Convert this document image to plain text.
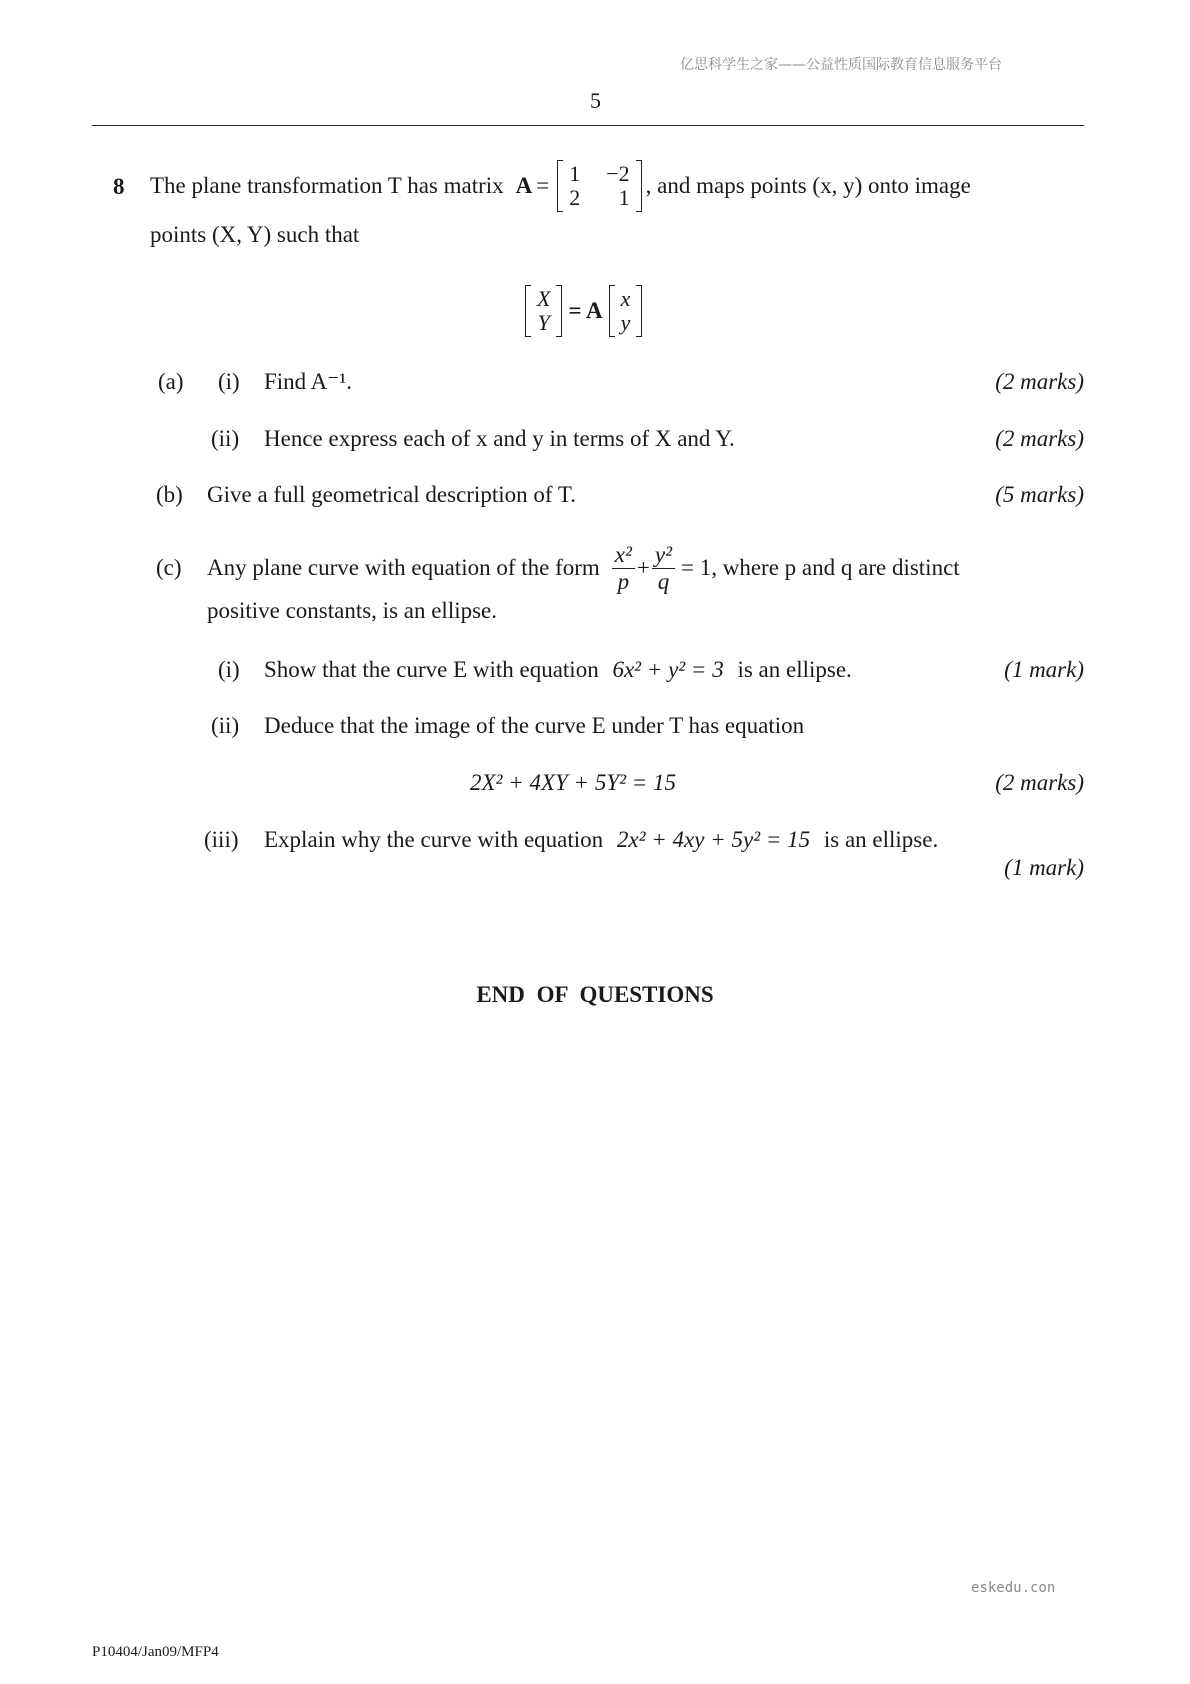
亿思科学生之家——公益性质国际教育信息服务平台
5
8 The plane transformation T has matrix A = 1	−2
2	1 , and maps points (x, y) onto image
points (X, Y) such that
X
Y = A x
y
(a) (i) Find A⁻¹.	(2 marks)
(ii) Hence express each of x and y in terms of X and Y.	(2 marks)
(b) Give a full geometrical description of T.	(5 marks)
(c) Any plane curve with equation of the form $\frac{\text{x²}}{p} + \frac{\text{y²}}{q} = 1$ , where p and q are distinct
positive constants, is an ellipse.
(i) Show that the curve E with equation 6x² + y² = 3 is an ellipse.	(1 mark)
(ii) Deduce that the image of the curve E under T has equation
2X² + 4XY + 5Y² = 15	(2 marks)
(iii) Explain why the curve with equation 2x² + 4xy + 5y² = 15 is an ellipse.
(1 mark)
END OF QUESTIONS
eskedu.con
P10404/Jan09/MFP4
